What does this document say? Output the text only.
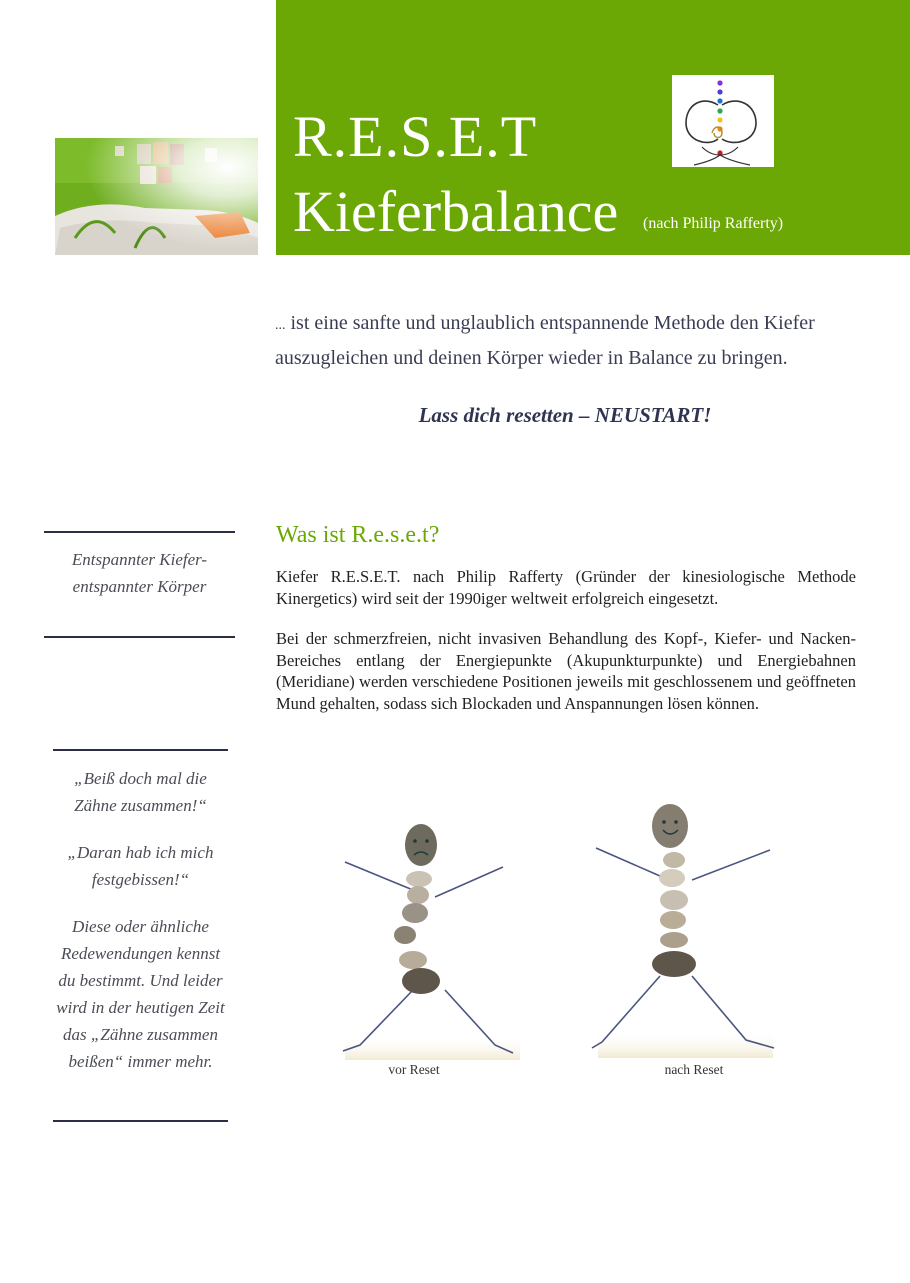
R.E.S.E.T
Kieferbalance (nach Philip Rafferty)
... ist eine sanfte und unglaublich entspannende Methode den Kiefer auszugleichen und deinen Körper wieder in Balance zu bringen.
Lass dich resetten – NEUSTART!
Entspannter Kiefer- entspannter Körper

„Beiß doch mal die Zähne zusammen!“

„Daran hab ich mich festgebissen!“

Diese oder ähnliche Redewendungen kennst du bestimmt. Und leider wird in der heutigen Zeit das „Zähne zusammen beißen“ immer mehr.

Was ist R.e.s.e.t?
Kiefer R.E.S.E.T. nach Philip Rafferty (Gründer der kinesiologische Methode Kinergetics) wird seit der 1990iger weltweit erfolgreich eingesetzt.
Bei der schmerzfreien, nicht invasiven Behandlung des Kopf-, Kiefer- und Nacken-Bereiches entlang der Energiepunkte (Akupunkturpunkte) und Energiebahnen (Meridiane) werden verschiedene Positionen jeweils mit geschlossenem und geöffneten Mund gehalten, sodass sich Blockaden und Anspannungen lösen können.
vor Reset	nach Reset
